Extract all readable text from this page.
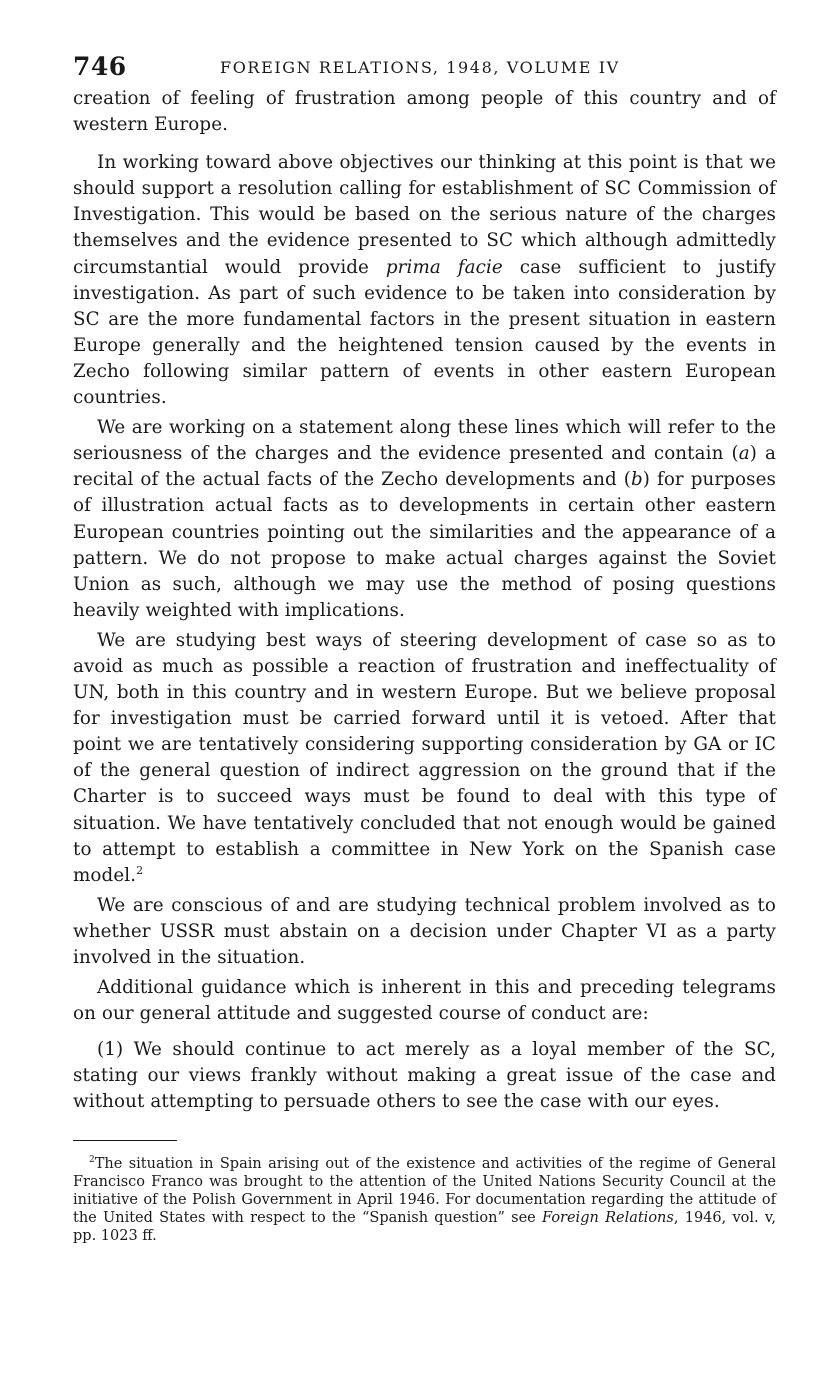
746	FOREIGN RELATIONS, 1948, VOLUME IV

creation of feeling of frustration among people of this country and of western Europe.

In working toward above objectives our thinking at this point is that we should support a resolution calling for establishment of SC Commission of Investigation. This would be based on the serious nature of the charges themselves and the evidence presented to SC which although admittedly circumstantial would provide prima facie case sufficient to justify investigation. As part of such evidence to be taken into consideration by SC are the more fundamental factors in the present situation in eastern Europe generally and the heightened tension caused by the events in Zecho following similar pattern of events in other eastern European countries.

We are working on a statement along these lines which will refer to the seriousness of the charges and the evidence presented and contain (a) a recital of the actual facts of the Zecho developments and (b) for purposes of illustration actual facts as to developments in certain other eastern European countries pointing out the similarities and the appearance of a pattern. We do not propose to make actual charges against the Soviet Union as such, although we may use the method of posing questions heavily weighted with implications.

We are studying best ways of steering development of case so as to avoid as much as possible a reaction of frustration and ineffectuality of UN, both in this country and in western Europe. But we believe proposal for investigation must be carried forward until it is vetoed. After that point we are tentatively considering supporting consideration by GA or IC of the general question of indirect aggression on the ground that if the Charter is to succeed ways must be found to deal with this type of situation. We have tentatively concluded that not enough would be gained to attempt to establish a committee in New York on the Spanish case model.$^2$

We are conscious of and are studying technical problem involved as to whether USSR must abstain on a decision under Chapter VI as a party involved in the situation.

Additional guidance which is inherent in this and preceding telegrams on our general attitude and suggested course of conduct are:

(1) We should continue to act merely as a loyal member of the SC, stating our views frankly without making a great issue of the case and without attempting to persuade others to see the case with our eyes.

$^2$The situation in Spain arising out of the existence and activities of the regime of General Francisco Franco was brought to the attention of the United Nations Security Council at the initiative of the Polish Government in April 1946. For documentation regarding the attitude of the United States with respect to the “Spanish question” see Foreign Relations, 1946, vol. v, pp. 1023 ff.
